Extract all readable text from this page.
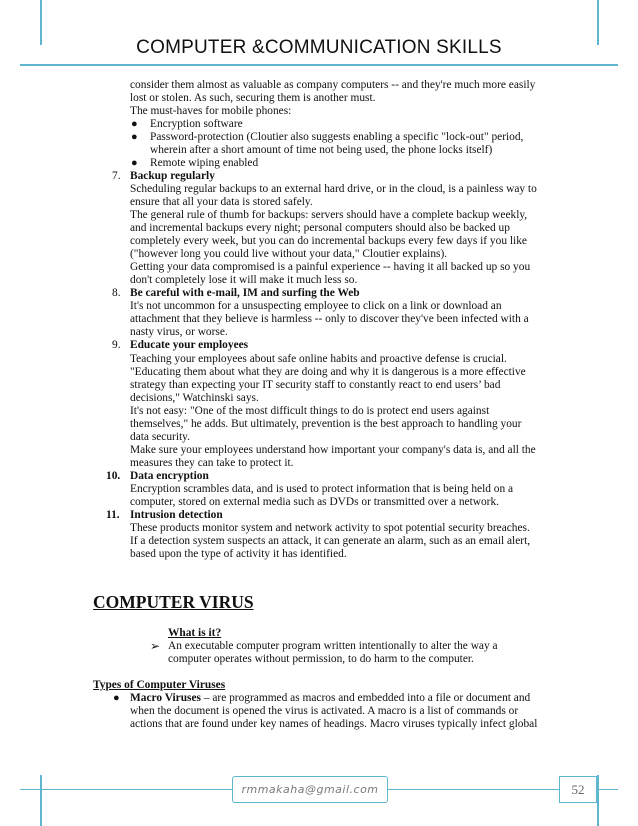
COMPUTER &COMMUNICATION SKILLS
consider them almost as valuable as company computers -- and they're much more easily
lost or stolen. As such, securing them is another must.
The must-haves for mobile phones:
● Encryption software
● Password-protection (Cloutier also suggests enabling a specific "lock-out" period,
wherein after a short amount of time not being used, the phone locks itself)
● Remote wiping enabled
7. Backup regularly
Scheduling regular backups to an external hard drive, or in the cloud, is a painless way to
ensure that all your data is stored safely.
The general rule of thumb for backups: servers should have a complete backup weekly,
and incremental backups every night; personal computers should also be backed up
completely every week, but you can do incremental backups every few days if you like
("however long you could live without your data," Cloutier explains).
Getting your data compromised is a painful experience -- having it all backed up so you
don't completely lose it will make it much less so.
8. Be careful with e-mail, IM and surfing the Web
It's not uncommon for a unsuspecting employee to click on a link or download an
attachment that they believe is harmless -- only to discover they've been infected with a
nasty virus, or worse.
9. Educate your employees
Teaching your employees about safe online habits and proactive defense is crucial.
"Educating them about what they are doing and why it is dangerous is a more effective
strategy than expecting your IT security staff to constantly react to end users’ bad
decisions," Watchinski says.
It's not easy: "One of the most difficult things to do is protect end users against
themselves," he adds. But ultimately, prevention is the best approach to handling your
data security.
Make sure your employees understand how important your company's data is, and all the
measures they can take to protect it.
10. Data encryption
Encryption scrambles data, and is used to protect information that is being held on a
computer, stored on external media such as DVDs or transmitted over a network.
11. Intrusion detection
These products monitor system and network activity to spot potential security breaches.
If a detection system suspects an attack, it can generate an alarm, such as an email alert,
based upon the type of activity it has identified.
COMPUTER VIRUS
What is it?
➢ An executable computer program written intentionally to alter the way a
computer operates without permission, to do harm to the computer.
Types of Computer Viruses
● Macro Viruses – are programmed as macros and embedded into a file or document and
when the document is opened the virus is activated. A macro is a list of commands or
actions that are found under key names of headings. Macro viruses typically infect global
rmmakaha@gmail.com	52
